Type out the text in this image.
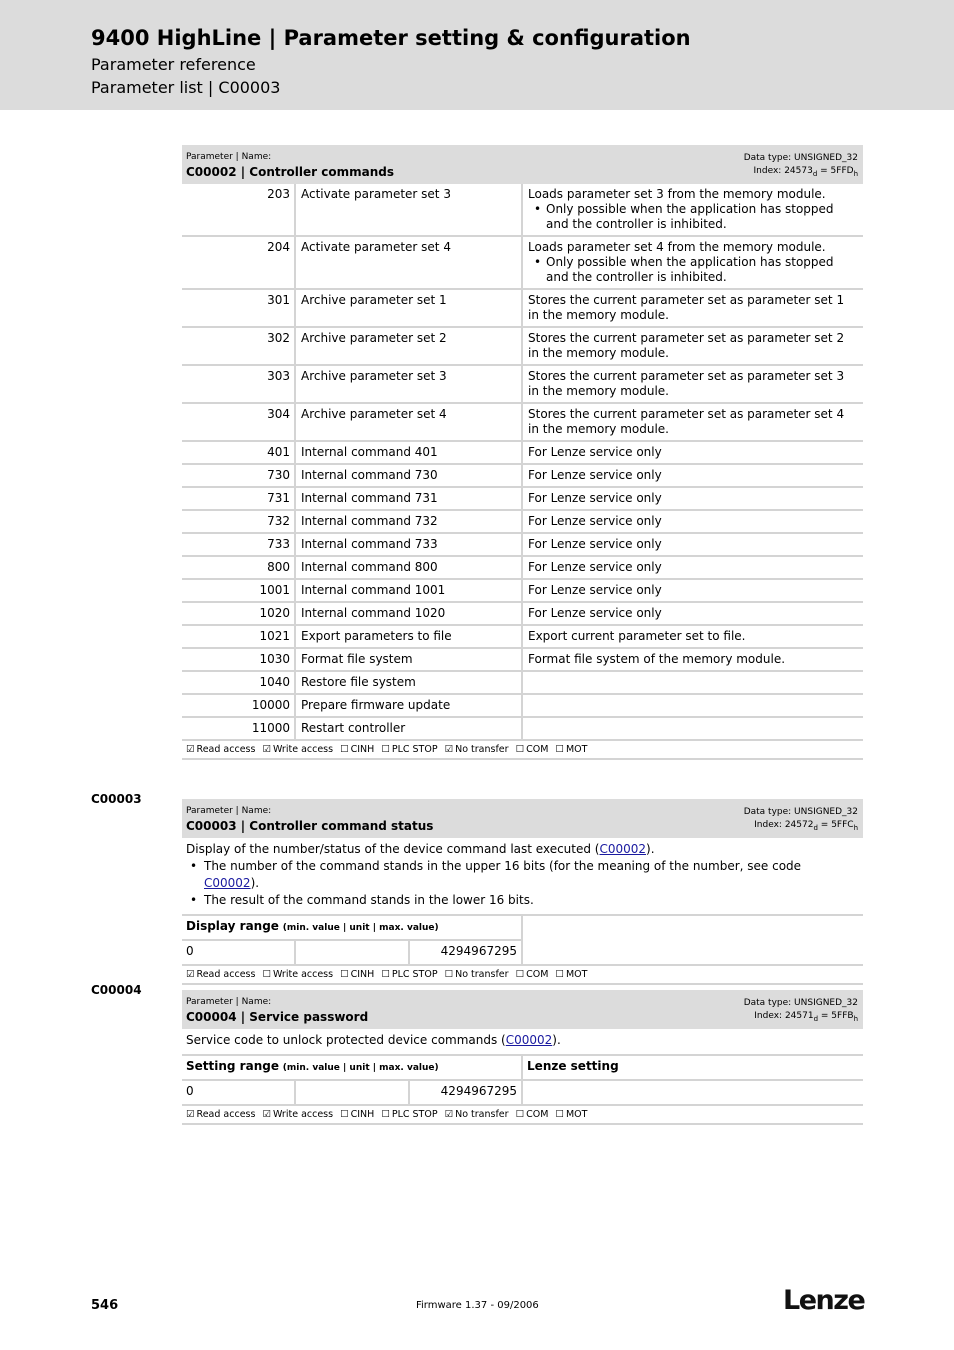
9400 HighLine | Parameter setting & configuration
Parameter reference
Parameter list | C00003
Parameter | Name:
C00002 | Controller commands
Data type: UNSIGNED_32
Index: $24573_d = 5FFD_h$
203	Activate parameter set 3	Loads parameter set 3 from the memory module.
• Only possible when the application has stopped and the controller is inhibited.

204	Activate parameter set 4	Loads parameter set 4 from the memory module.
• Only possible when the application has stopped and the controller is inhibited.

301	Archive parameter set 1	Stores the current parameter set as parameter set 1 in the memory module.

302	Archive parameter set 2	Stores the current parameter set as parameter set 2 in the memory module.

303	Archive parameter set 3	Stores the current parameter set as parameter set 3 in the memory module.

304	Archive parameter set 4	Stores the current parameter set as parameter set 4 in the memory module.

401	Internal command 401	For Lenze service only

730	Internal command 730	For Lenze service only

731	Internal command 731	For Lenze service only

732	Internal command 732	For Lenze service only

733	Internal command 733	For Lenze service only

800	Internal command 800	For Lenze service only

1001	Internal command 1001	For Lenze service only

1020	Internal command 1020	For Lenze service only

1021	Export parameters to file	Export current parameter set to file.

1030	Format file system	Format file system of the memory module.

1040	Restore file system	

10000	Prepare firmware update	

11000	Restart controller	
☑ Read access ☑ Write access ☐ CINH ☐ PLC STOP ☑ No transfer ☐ COM ☐ MOT
C00003
Parameter | Name:
C00003 | Controller command status
Data type: UNSIGNED_32
Index: $24572_d = 5FFC_h$
Display of the number/status of the device command last executed (C00002).
• The number of the command stands in the upper 16 bits (for the meaning of the number, see code C00002).
• The result of the command stands in the lower 16 bits.
Display range (min. value | unit | max. value)			
0		4294967295	
☑ Read access ☐ Write access ☐ CINH ☐ PLC STOP ☐ No transfer ☐ COM ☐ MOT
C00004
Parameter | Name:
C00004 | Service password
Data type: UNSIGNED_32
Index: $24571_d = 5FFB_h$
Service code to unlock protected device commands (C00002).
Setting range (min. value | unit | max. value)			Lenze setting
0		4294967295	
☑ Read access ☑ Write access ☐ CINH ☐ PLC STOP ☑ No transfer ☐ COM ☐ MOT
546	Firmware 1.37 - 09/2006	Lenze
